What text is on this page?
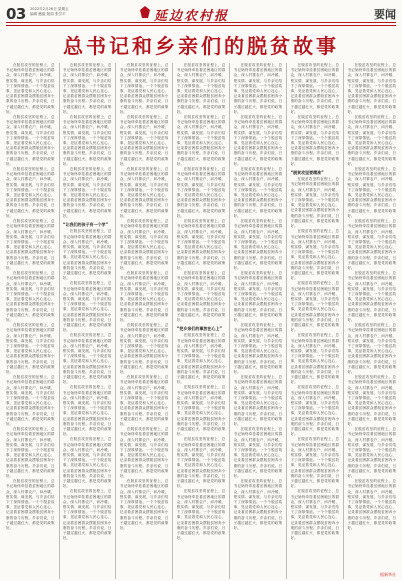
03 2022年2月26日 星期五
编辑 鲍毅 版面 张学平	延边农村报	要闻
总书记和乡亲们的脱贫故事

在脱贫攻坚的征程上，总书记始终牵挂着贫困地区的群众，深入村寨农户，问冷暖、察实情、谋发展，与乡亲们结下了深厚情谊。一个个脱贫故事，见证着党和人民心连心，记录着贫困群众摆脱贫困奔小康的奋斗历程。乡亲们说，日子越过越红火，都是党的政策好。

在脱贫攻坚的征程上，总书记始终牵挂着贫困地区的群众，深入村寨农户，问冷暖、察实情、谋发展，与乡亲们结下了深厚情谊。一个个脱贫故事，见证着党和人民心连心，记录着贫困群众摆脱贫困奔小康的奋斗历程。乡亲们说，日子越过越红火，都是党的政策好。

在脱贫攻坚的征程上，总书记始终牵挂着贫困地区的群众，深入村寨农户，问冷暖、察实情、谋发展，与乡亲们结下了深厚情谊。一个个脱贫故事，见证着党和人民心连心，记录着贫困群众摆脱贫困奔小康的奋斗历程。乡亲们说，日子越过越红火，都是党的政策好。

在脱贫攻坚的征程上，总书记始终牵挂着贫困地区的群众，深入村寨农户，问冷暖、察实情、谋发展，与乡亲们结下了深厚情谊。一个个脱贫故事，见证着党和人民心连心，记录着贫困群众摆脱贫困奔小康的奋斗历程。乡亲们说，日子越过越红火，都是党的政策好。

在脱贫攻坚的征程上，总书记始终牵挂着贫困地区的群众，深入村寨农户，问冷暖、察实情、谋发展，与乡亲们结下了深厚情谊。一个个脱贫故事，见证着党和人民心连心，记录着贫困群众摆脱贫困奔小康的奋斗历程。乡亲们说，日子越过越红火，都是党的政策好。

在脱贫攻坚的征程上，总书记始终牵挂着贫困地区的群众，深入村寨农户，问冷暖、察实情、谋发展，与乡亲们结下了深厚情谊。一个个脱贫故事，见证着党和人民心连心，记录着贫困群众摆脱贫困奔小康的奋斗历程。乡亲们说，日子越过越红火，都是党的政策好。

在脱贫攻坚的征程上，总书记始终牵挂着贫困地区的群众，深入村寨农户，问冷暖、察实情、谋发展，与乡亲们结下了深厚情谊。一个个脱贫故事，见证着党和人民心连心，记录着贫困群众摆脱贫困奔小康的奋斗历程。乡亲们说，日子越过越红火，都是党的政策好。

在脱贫攻坚的征程上，总书记始终牵挂着贫困地区的群众，深入村寨农户，问冷暖、察实情、谋发展，与乡亲们结下了深厚情谊。一个个脱贫故事，见证着党和人民心连心，记录着贫困群众摆脱贫困奔小康的奋斗历程。乡亲们说，日子越过越红火，都是党的政策好。

在脱贫攻坚的征程上，总书记始终牵挂着贫困地区的群众，深入村寨农户，问冷暖、察实情、谋发展，与乡亲们结下了深厚情谊。一个个脱贫故事，见证着党和人民心连心，记录着贫困群众摆脱贫困奔小康的奋斗历程。乡亲们说，日子越过越红火，都是党的政策好。

在脱贫攻坚的征程上，总书记始终牵挂着贫困地区的群众，深入村寨农户，问冷暖、察实情、谋发展，与乡亲们结下了深厚情谊。一个个脱贫故事，见证着党和人民心连心，记录着贫困群众摆脱贫困奔小康的奋斗历程。乡亲们说，日子越过越红火，都是党的政策好。

在脱贫攻坚的征程上，总书记始终牵挂着贫困地区的群众，深入村寨农户，问冷暖、察实情、谋发展，与乡亲们结下了深厚情谊。一个个脱贫故事，见证着党和人民心连心，记录着贫困群众摆脱贫困奔小康的奋斗历程。乡亲们说，日子越过越红火，都是党的政策好。

在脱贫攻坚的征程上，总书记始终牵挂着贫困地区的群众，深入村寨农户，问冷暖、察实情、谋发展，与乡亲们结下了深厚情谊。一个个脱贫故事，见证着党和人民心连心，记录着贫困群众摆脱贫困奔小康的奋斗历程。乡亲们说，日子越过越红火，都是党的政策好。

“让我们的孩子有一个学”

在脱贫攻坚的征程上，总书记始终牵挂着贫困地区的群众，深入村寨农户，问冷暖、察实情、谋发展，与乡亲们结下了深厚情谊。一个个脱贫故事，见证着党和人民心连心，记录着贫困群众摆脱贫困奔小康的奋斗历程。乡亲们说，日子越过越红火，都是党的政策好。

在脱贫攻坚的征程上，总书记始终牵挂着贫困地区的群众，深入村寨农户，问冷暖、察实情、谋发展，与乡亲们结下了深厚情谊。一个个脱贫故事，见证着党和人民心连心，记录着贫困群众摆脱贫困奔小康的奋斗历程。乡亲们说，日子越过越红火，都是党的政策好。

在脱贫攻坚的征程上，总书记始终牵挂着贫困地区的群众，深入村寨农户，问冷暖、察实情、谋发展，与乡亲们结下了深厚情谊。一个个脱贫故事，见证着党和人民心连心，记录着贫困群众摆脱贫困奔小康的奋斗历程。乡亲们说，日子越过越红火，都是党的政策好。

在脱贫攻坚的征程上，总书记始终牵挂着贫困地区的群众，深入村寨农户，问冷暖、察实情、谋发展，与乡亲们结下了深厚情谊。一个个脱贫故事，见证着党和人民心连心，记录着贫困群众摆脱贫困奔小康的奋斗历程。乡亲们说，日子越过越红火，都是党的政策好。

在脱贫攻坚的征程上，总书记始终牵挂着贫困地区的群众，深入村寨农户，问冷暖、察实情、谋发展，与乡亲们结下了深厚情谊。一个个脱贫故事，见证着党和人民心连心，记录着贫困群众摆脱贫困奔小康的奋斗历程。乡亲们说，日子越过越红火，都是党的政策好。

在脱贫攻坚的征程上，总书记始终牵挂着贫困地区的群众，深入村寨农户，问冷暖、察实情、谋发展，与乡亲们结下了深厚情谊。一个个脱贫故事，见证着党和人民心连心，记录着贫困群众摆脱贫困奔小康的奋斗历程。乡亲们说，日子越过越红火，都是党的政策好。

在脱贫攻坚的征程上，总书记始终牵挂着贫困地区的群众，深入村寨农户，问冷暖、察实情、谋发展，与乡亲们结下了深厚情谊。一个个脱贫故事，见证着党和人民心连心，记录着贫困群众摆脱贫困奔小康的奋斗历程。乡亲们说，日子越过越红火，都是党的政策好。

在脱贫攻坚的征程上，总书记始终牵挂着贫困地区的群众，深入村寨农户，问冷暖、察实情、谋发展，与乡亲们结下了深厚情谊。一个个脱贫故事，见证着党和人民心连心，记录着贫困群众摆脱贫困奔小康的奋斗历程。乡亲们说，日子越过越红火，都是党的政策好。

在脱贫攻坚的征程上，总书记始终牵挂着贫困地区的群众，深入村寨农户，问冷暖、察实情、谋发展，与乡亲们结下了深厚情谊。一个个脱贫故事，见证着党和人民心连心，记录着贫困群众摆脱贫困奔小康的奋斗历程。乡亲们说，日子越过越红火，都是党的政策好。

在脱贫攻坚的征程上，总书记始终牵挂着贫困地区的群众，深入村寨农户，问冷暖、察实情、谋发展，与乡亲们结下了深厚情谊。一个个脱贫故事，见证着党和人民心连心，记录着贫困群众摆脱贫困奔小康的奋斗历程。乡亲们说，日子越过越红火，都是党的政策好。

在脱贫攻坚的征程上，总书记始终牵挂着贫困地区的群众，深入村寨农户，问冷暖、察实情、谋发展，与乡亲们结下了深厚情谊。一个个脱贫故事，见证着党和人民心连心，记录着贫困群众摆脱贫困奔小康的奋斗历程。乡亲们说，日子越过越红火，都是党的政策好。

在脱贫攻坚的征程上，总书记始终牵挂着贫困地区的群众，深入村寨农户，问冷暖、察实情、谋发展，与乡亲们结下了深厚情谊。一个个脱贫故事，见证着党和人民心连心，记录着贫困群众摆脱贫困奔小康的奋斗历程。乡亲们说，日子越过越红火，都是党的政策好。

在脱贫攻坚的征程上，总书记始终牵挂着贫困地区的群众，深入村寨农户，问冷暖、察实情、谋发展，与乡亲们结下了深厚情谊。一个个脱贫故事，见证着党和人民心连心，记录着贫困群众摆脱贫困奔小康的奋斗历程。乡亲们说，日子越过越红火，都是党的政策好。

在脱贫攻坚的征程上，总书记始终牵挂着贫困地区的群众，深入村寨农户，问冷暖、察实情、谋发展，与乡亲们结下了深厚情谊。一个个脱贫故事，见证着党和人民心连心，记录着贫困群众摆脱贫困奔小康的奋斗历程。乡亲们说，日子越过越红火，都是党的政策好。

在脱贫攻坚的征程上，总书记始终牵挂着贫困地区的群众，深入村寨农户，问冷暖、察实情、谋发展，与乡亲们结下了深厚情谊。一个个脱贫故事，见证着党和人民心连心，记录着贫困群众摆脱贫困奔小康的奋斗历程。乡亲们说，日子越过越红火，都是党的政策好。

在脱贫攻坚的征程上，总书记始终牵挂着贫困地区的群众，深入村寨农户，问冷暖、察实情、谋发展，与乡亲们结下了深厚情谊。一个个脱贫故事，见证着党和人民心连心，记录着贫困群众摆脱贫困奔小康的奋斗历程。乡亲们说，日子越过越红火，都是党的政策好。

在脱贫攻坚的征程上，总书记始终牵挂着贫困地区的群众，深入村寨农户，问冷暖、察实情、谋发展，与乡亲们结下了深厚情谊。一个个脱贫故事，见证着党和人民心连心，记录着贫困群众摆脱贫困奔小康的奋斗历程。乡亲们说，日子越过越红火，都是党的政策好。

在脱贫攻坚的征程上，总书记始终牵挂着贫困地区的群众，深入村寨农户，问冷暖、察实情、谋发展，与乡亲们结下了深厚情谊。一个个脱贫故事，见证着党和人民心连心，记录着贫困群众摆脱贫困奔小康的奋斗历程。乡亲们说，日子越过越红火，都是党的政策好。

在脱贫攻坚的征程上，总书记始终牵挂着贫困地区的群众，深入村寨农户，问冷暖、察实情、谋发展，与乡亲们结下了深厚情谊。一个个脱贫故事，见证着党和人民心连心，记录着贫困群众摆脱贫困奔小康的奋斗历程。乡亲们说，日子越过越红火，都是党的政策好。

在脱贫攻坚的征程上，总书记始终牵挂着贫困地区的群众，深入村寨农户，问冷暖、察实情、谋发展，与乡亲们结下了深厚情谊。一个个脱贫故事，见证着党和人民心连心，记录着贫困群众摆脱贫困奔小康的奋斗历程。乡亲们说，日子越过越红火，都是党的政策好。

“把乡亲们的事放在心上”

在脱贫攻坚的征程上，总书记始终牵挂着贫困地区的群众，深入村寨农户，问冷暖、察实情、谋发展，与乡亲们结下了深厚情谊。一个个脱贫故事，见证着党和人民心连心，记录着贫困群众摆脱贫困奔小康的奋斗历程。乡亲们说，日子越过越红火，都是党的政策好。

在脱贫攻坚的征程上，总书记始终牵挂着贫困地区的群众，深入村寨农户，问冷暖、察实情、谋发展，与乡亲们结下了深厚情谊。一个个脱贫故事，见证着党和人民心连心，记录着贫困群众摆脱贫困奔小康的奋斗历程。乡亲们说，日子越过越红火，都是党的政策好。

在脱贫攻坚的征程上，总书记始终牵挂着贫困地区的群众，深入村寨农户，问冷暖、察实情、谋发展，与乡亲们结下了深厚情谊。一个个脱贫故事，见证着党和人民心连心，记录着贫困群众摆脱贫困奔小康的奋斗历程。乡亲们说，日子越过越红火，都是党的政策好。

在脱贫攻坚的征程上，总书记始终牵挂着贫困地区的群众，深入村寨农户，问冷暖、察实情、谋发展，与乡亲们结下了深厚情谊。一个个脱贫故事，见证着党和人民心连心，记录着贫困群众摆脱贫困奔小康的奋斗历程。乡亲们说，日子越过越红火，都是党的政策好。

在脱贫攻坚的征程上，总书记始终牵挂着贫困地区的群众，深入村寨农户，问冷暖、察实情、谋发展，与乡亲们结下了深厚情谊。一个个脱贫故事，见证着党和人民心连心，记录着贫困群众摆脱贫困奔小康的奋斗历程。乡亲们说，日子越过越红火，都是党的政策好。

在脱贫攻坚的征程上，总书记始终牵挂着贫困地区的群众，深入村寨农户，问冷暖、察实情、谋发展，与乡亲们结下了深厚情谊。一个个脱贫故事，见证着党和人民心连心，记录着贫困群众摆脱贫困奔小康的奋斗历程。乡亲们说，日子越过越红火，都是党的政策好。

在脱贫攻坚的征程上，总书记始终牵挂着贫困地区的群众，深入村寨农户，问冷暖、察实情、谋发展，与乡亲们结下了深厚情谊。一个个脱贫故事，见证着党和人民心连心，记录着贫困群众摆脱贫困奔小康的奋斗历程。乡亲们说，日子越过越红火，都是党的政策好。

在脱贫攻坚的征程上，总书记始终牵挂着贫困地区的群众，深入村寨农户，问冷暖、察实情、谋发展，与乡亲们结下了深厚情谊。一个个脱贫故事，见证着党和人民心连心，记录着贫困群众摆脱贫困奔小康的奋斗历程。乡亲们说，日子越过越红火，都是党的政策好。

在脱贫攻坚的征程上，总书记始终牵挂着贫困地区的群众，深入村寨农户，问冷暖、察实情、谋发展，与乡亲们结下了深厚情谊。一个个脱贫故事，见证着党和人民心连心，记录着贫困群众摆脱贫困奔小康的奋斗历程。乡亲们说，日子越过越红火，都是党的政策好。

在脱贫攻坚的征程上，总书记始终牵挂着贫困地区的群众，深入村寨农户，问冷暖、察实情、谋发展，与乡亲们结下了深厚情谊。一个个脱贫故事，见证着党和人民心连心，记录着贫困群众摆脱贫困奔小康的奋斗历程。乡亲们说，日子越过越红火，都是党的政策好。

在脱贫攻坚的征程上，总书记始终牵挂着贫困地区的群众，深入村寨农户，问冷暖、察实情、谋发展，与乡亲们结下了深厚情谊。一个个脱贫故事，见证着党和人民心连心，记录着贫困群众摆脱贫困奔小康的奋斗历程。乡亲们说，日子越过越红火，都是党的政策好。

在脱贫攻坚的征程上，总书记始终牵挂着贫困地区的群众，深入村寨农户，问冷暖、察实情、谋发展，与乡亲们结下了深厚情谊。一个个脱贫故事，见证着党和人民心连心，记录着贫困群众摆脱贫困奔小康的奋斗历程。乡亲们说，日子越过越红火，都是党的政策好。

在脱贫攻坚的征程上，总书记始终牵挂着贫困地区的群众，深入村寨农户，问冷暖、察实情、谋发展，与乡亲们结下了深厚情谊。一个个脱贫故事，见证着党和人民心连心，记录着贫困群众摆脱贫困奔小康的奋斗历程。乡亲们说，日子越过越红火，都是党的政策好。

在脱贫攻坚的征程上，总书记始终牵挂着贫困地区的群众，深入村寨农户，问冷暖、察实情、谋发展，与乡亲们结下了深厚情谊。一个个脱贫故事，见证着党和人民心连心，记录着贫困群众摆脱贫困奔小康的奋斗历程。乡亲们说，日子越过越红火，都是党的政策好。

在脱贫攻坚的征程上，总书记始终牵挂着贫困地区的群众，深入村寨农户，问冷暖、察实情、谋发展，与乡亲们结下了深厚情谊。一个个脱贫故事，见证着党和人民心连心，记录着贫困群众摆脱贫困奔小康的奋斗历程。乡亲们说，日子越过越红火，都是党的政策好。

“脱贫攻坚要精准”

在脱贫攻坚的征程上，总书记始终牵挂着贫困地区的群众，深入村寨农户，问冷暖、察实情、谋发展，与乡亲们结下了深厚情谊。一个个脱贫故事，见证着党和人民心连心，记录着贫困群众摆脱贫困奔小康的奋斗历程。乡亲们说，日子越过越红火，都是党的政策好。

在脱贫攻坚的征程上，总书记始终牵挂着贫困地区的群众，深入村寨农户，问冷暖、察实情、谋发展，与乡亲们结下了深厚情谊。一个个脱贫故事，见证着党和人民心连心，记录着贫困群众摆脱贫困奔小康的奋斗历程。乡亲们说，日子越过越红火，都是党的政策好。

在脱贫攻坚的征程上，总书记始终牵挂着贫困地区的群众，深入村寨农户，问冷暖、察实情、谋发展，与乡亲们结下了深厚情谊。一个个脱贫故事，见证着党和人民心连心，记录着贫困群众摆脱贫困奔小康的奋斗历程。乡亲们说，日子越过越红火，都是党的政策好。

在脱贫攻坚的征程上，总书记始终牵挂着贫困地区的群众，深入村寨农户，问冷暖、察实情、谋发展，与乡亲们结下了深厚情谊。一个个脱贫故事，见证着党和人民心连心，记录着贫困群众摆脱贫困奔小康的奋斗历程。乡亲们说，日子越过越红火，都是党的政策好。

在脱贫攻坚的征程上，总书记始终牵挂着贫困地区的群众，深入村寨农户，问冷暖、察实情、谋发展，与乡亲们结下了深厚情谊。一个个脱贫故事，见证着党和人民心连心，记录着贫困群众摆脱贫困奔小康的奋斗历程。乡亲们说，日子越过越红火，都是党的政策好。

在脱贫攻坚的征程上，总书记始终牵挂着贫困地区的群众，深入村寨农户，问冷暖、察实情、谋发展，与乡亲们结下了深厚情谊。一个个脱贫故事，见证着党和人民心连心，记录着贫困群众摆脱贫困奔小康的奋斗历程。乡亲们说，日子越过越红火，都是党的政策好。

在脱贫攻坚的征程上，总书记始终牵挂着贫困地区的群众，深入村寨农户，问冷暖、察实情、谋发展，与乡亲们结下了深厚情谊。一个个脱贫故事，见证着党和人民心连心，记录着贫困群众摆脱贫困奔小康的奋斗历程。乡亲们说，日子越过越红火，都是党的政策好。

在脱贫攻坚的征程上，总书记始终牵挂着贫困地区的群众，深入村寨农户，问冷暖、察实情、谋发展，与乡亲们结下了深厚情谊。一个个脱贫故事，见证着党和人民心连心，记录着贫困群众摆脱贫困奔小康的奋斗历程。乡亲们说，日子越过越红火，都是党的政策好。

在脱贫攻坚的征程上，总书记始终牵挂着贫困地区的群众，深入村寨农户，问冷暖、察实情、谋发展，与乡亲们结下了深厚情谊。一个个脱贫故事，见证着党和人民心连心，记录着贫困群众摆脱贫困奔小康的奋斗历程。乡亲们说，日子越过越红火，都是党的政策好。

在脱贫攻坚的征程上，总书记始终牵挂着贫困地区的群众，深入村寨农户，问冷暖、察实情、谋发展，与乡亲们结下了深厚情谊。一个个脱贫故事，见证着党和人民心连心，记录着贫困群众摆脱贫困奔小康的奋斗历程。乡亲们说，日子越过越红火，都是党的政策好。

在脱贫攻坚的征程上，总书记始终牵挂着贫困地区的群众，深入村寨农户，问冷暖、察实情、谋发展，与乡亲们结下了深厚情谊。一个个脱贫故事，见证着党和人民心连心，记录着贫困群众摆脱贫困奔小康的奋斗历程。乡亲们说，日子越过越红火，都是党的政策好。

在脱贫攻坚的征程上，总书记始终牵挂着贫困地区的群众，深入村寨农户，问冷暖、察实情、谋发展，与乡亲们结下了深厚情谊。一个个脱贫故事，见证着党和人民心连心，记录着贫困群众摆脱贫困奔小康的奋斗历程。乡亲们说，日子越过越红火，都是党的政策好。

在脱贫攻坚的征程上，总书记始终牵挂着贫困地区的群众，深入村寨农户，问冷暖、察实情、谋发展，与乡亲们结下了深厚情谊。一个个脱贫故事，见证着党和人民心连心，记录着贫困群众摆脱贫困奔小康的奋斗历程。乡亲们说，日子越过越红火，都是党的政策好。

在脱贫攻坚的征程上，总书记始终牵挂着贫困地区的群众，深入村寨农户，问冷暖、察实情、谋发展，与乡亲们结下了深厚情谊。一个个脱贫故事，见证着党和人民心连心，记录着贫困群众摆脱贫困奔小康的奋斗历程。乡亲们说，日子越过越红火，都是党的政策好。

在脱贫攻坚的征程上，总书记始终牵挂着贫困地区的群众，深入村寨农户，问冷暖、察实情、谋发展，与乡亲们结下了深厚情谊。一个个脱贫故事，见证着党和人民心连心，记录着贫困群众摆脱贫困奔小康的奋斗历程。乡亲们说，日子越过越红火，都是党的政策好。

在脱贫攻坚的征程上，总书记始终牵挂着贫困地区的群众，深入村寨农户，问冷暖、察实情、谋发展，与乡亲们结下了深厚情谊。一个个脱贫故事，见证着党和人民心连心，记录着贫困群众摆脱贫困奔小康的奋斗历程。乡亲们说，日子越过越红火，都是党的政策好。

据新华社
